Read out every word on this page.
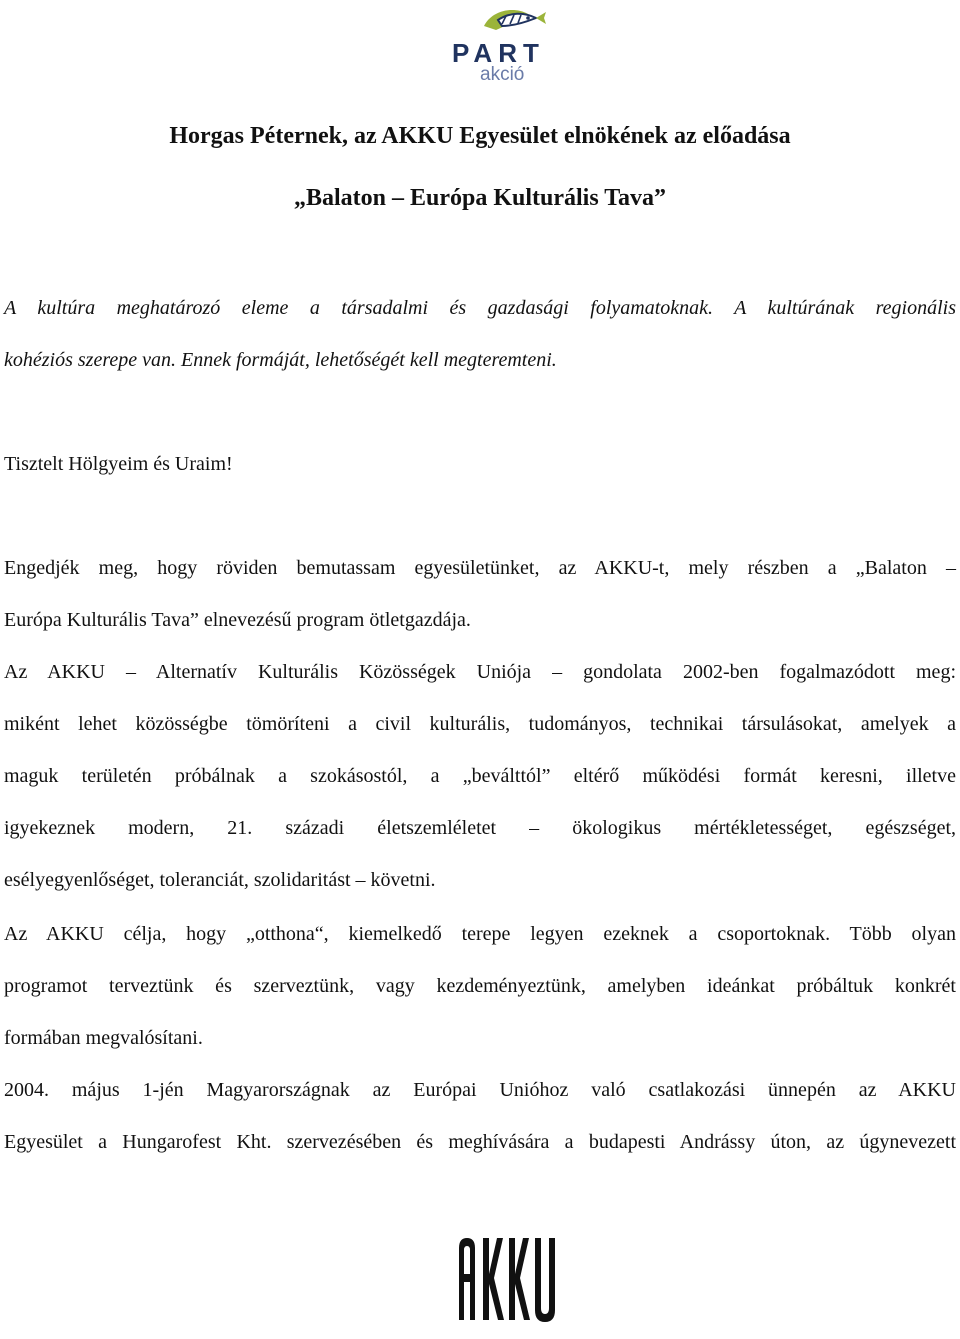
PART
akció
Horgas Péternek, az AKKU Egyesület elnökének az előadása
„Balaton – Európa Kulturális Tava”
A kultúra meghatározó eleme a társadalmi és gazdasági folyamatoknak. A kultúrának regionális
kohéziós szerepe van. Ennek formáját, lehetőségét kell megteremteni.
Tisztelt Hölgyeim és Uraim!
Engedjék meg, hogy röviden bemutassam egyesületünket, az AKKU-t, mely részben a „Balaton –
Európa Kulturális Tava” elnevezésű program ötletgazdája.
Az AKKU – Alternatív Kulturális Közösségek Uniója – gondolata 2002-ben fogalmazódott meg:
miként lehet közösségbe tömöríteni a civil kulturális, tudományos, technikai társulásokat, amelyek a
maguk területén próbálnak a szokásostól, a „beválttól” eltérő működési formát keresni, illetve
igyekeznek modern, 21. századi életszemléletet – ökologikus mértékletességet, egészséget,
esélyegyenlőséget, toleranciát, szolidaritást – követni.
Az AKKU célja, hogy „otthona“, kiemelkedő terepe legyen ezeknek a csoportoknak. Több olyan
programot terveztünk és szerveztünk, vagy kezdeményeztünk, amelyben ideánkat próbáltuk konkrét
formában megvalósítani.
2004. május 1-jén Magyarországnak az Európai Unióhoz való csatlakozási ünnepén az AKKU
Egyesület a Hungarofest Kht. szervezésében és meghívására a budapesti Andrássy úton, az úgynevezett
